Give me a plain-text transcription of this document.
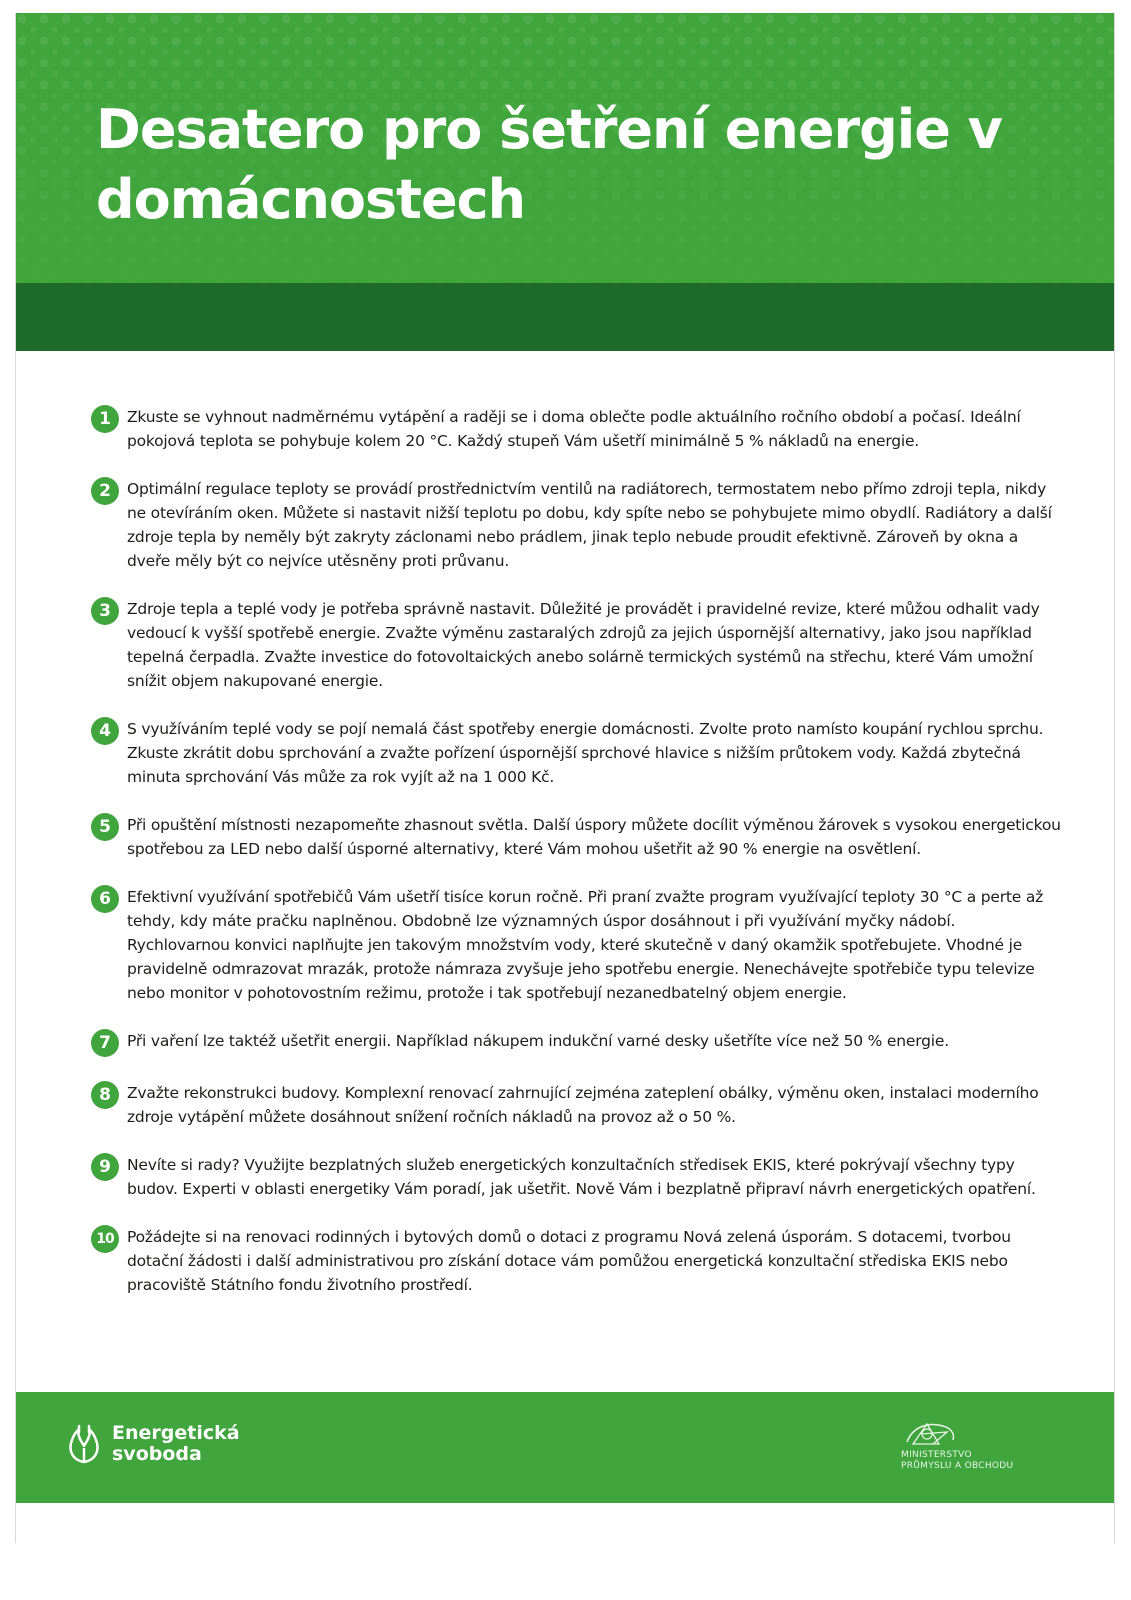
Desatero pro šetření energie v domácnostech
1	Zkuste se vyhnout nadměrnému vytápění a raději se i doma oblečte podle aktuálního ročního období a počasí. Ideální pokojová teplota se pohybuje kolem 20 °C. Každý stupeň Vám ušetří minimálně 5 % nákladů na energie.
2	Optimální regulace teploty se provádí prostřednictvím ventilů na radiátorech, termostatem nebo přímo zdroji tepla, nikdy ne otevíráním oken. Můžete si nastavit nižší teplotu po dobu, kdy spíte nebo se pohybujete mimo obydlí. Radiátory a další zdroje tepla by neměly být zakryty záclonami nebo prádlem, jinak teplo nebude proudit efektivně. Zároveň by okna a dveře měly být co nejvíce utěsněny proti průvanu.
3	Zdroje tepla a teplé vody je potřeba správně nastavit. Důležité je provádět i pravidelné revize, které můžou odhalit vady vedoucí k vyšší spotřebě energie. Zvažte výměnu zastaralých zdrojů za jejich úspornější alternativy, jako jsou například tepelná čerpadla. Zvažte investice do fotovoltaických anebo solárně termických systémů na střechu, které Vám umožní snížit objem nakupované energie.
4	S využíváním teplé vody se pojí nemalá část spotřeby energie domácnosti. Zvolte proto namísto koupání rychlou sprchu. Zkuste zkrátit dobu sprchování a zvažte pořízení úspornější sprchové hlavice s nižším průtokem vody. Každá zbytečná minuta sprchování Vás může za rok vyjít až na 1 000 Kč.
5	Při opuštění místnosti nezapomeňte zhasnout světla. Další úspory můžete docílit výměnou žárovek s vysokou energetickou spotřebou za LED nebo další úsporné alternativy, které Vám mohou ušetřit až 90 % energie na osvětlení.
6	Efektivní využívání spotřebičů Vám ušetří tisíce korun ročně. Při praní zvažte program využívající teploty 30 °C a perte až tehdy, kdy máte pračku naplněnou. Obdobně lze významných úspor dosáhnout i při využívání myčky nádobí. Rychlovarnou konvici naplňujte jen takovým množstvím vody, které skutečně v daný okamžik spotřebujete. Vhodné je pravidelně odmrazovat mrazák, protože námraza zvyšuje jeho spotřebu energie. Nenechávejte spotřebiče typu televize nebo monitor v pohotovostním režimu, protože i tak spotřebují nezanedbatelný objem energie.
7	Při vaření lze taktéž ušetřit energii. Například nákupem indukční varné desky ušetříte více než 50 % energie.
8	Zvažte rekonstrukci budovy. Komplexní renovací zahrnující zejména zateplení obálky, výměnu oken, instalaci moderního zdroje vytápění můžete dosáhnout snížení ročních nákladů na provoz až o 50 %.
9	Nevíte si rady? Využijte bezplatných služeb energetických konzultačních středisek EKIS, které pokrývají všechny typy budov. Experti v oblasti energetiky Vám poradí, jak ušetřit. Nově Vám i bezplatně připraví návrh energetických opatření.
10 Požádejte si na renovaci rodinných i bytových domů o dotaci z programu Nová zelená úsporám. S dotacemi, tvorbou dotační žádosti i další administrativou pro získání dotace vám pomůžou energetická konzultační střediska EKIS nebo pracoviště Státního fondu životního prostředí.
Energetická
svoboda	MINISTERSTVO
PRŮMYSLU A OBCHODU
